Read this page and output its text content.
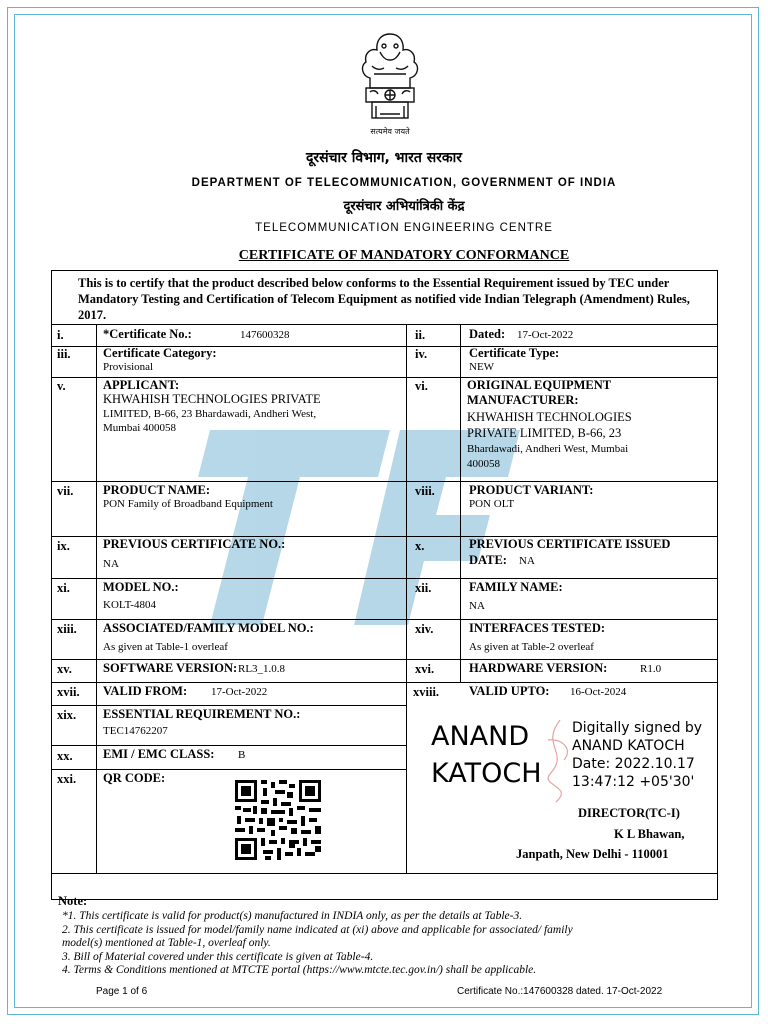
सत्यमेव जयते
दूरसंचार विभाग, भारत सरकार
DEPARTMENT OF TELECOMMUNICATION, GOVERNMENT OF INDIA
दूरसंचार अभियांत्रिकी केंद्र
TELECOMMUNICATION ENGINEERING CENTRE
CERTIFICATE OF MANDATORY CONFORMANCE
This is to certify that the product described below conforms to the Essential Requirement issued by TEC under Mandatory Testing and Certification of Telecom Equipment as notified vide Indian Telegraph (Amendment) Rules, 2017.
i.	*Certificate No.:	147600328	ii.	Dated: 17-Oct-2022
iii.	Certificate Category:
Provisional
iv.	Certificate Type:
NEW
v.	APPLICANT:
KHWAHISH TECHNOLOGIES PRIVATE
LIMITED, B-66, 23 Bhardawadi, Andheri West,
Mumbai 400058
vi.	ORIGINAL EQUIPMENT
MANUFACTURER:
KHWAHISH TECHNOLOGIES
PRIVATE LIMITED, B-66, 23
Bhardawadi, Andheri West, Mumbai
400058
vii. PRODUCT NAME:
PON Family of Broadband Equipment
viii.	PRODUCT VARIANT:
PON OLT
ix.	PREVIOUS CERTIFICATE NO.:
NA
x.	PREVIOUS CERTIFICATE ISSUED
DATE: NA
xi.	MODEL NO.:
KOLT-4804
xii.	FAMILY NAME:
NA
xiii. ASSOCIATED/FAMILY MODEL NO.:
As given at Table-1 overleaf
xiv.	INTERFACES TESTED:
As given at Table-2 overleaf
xv. SOFTWARE VERSION: RL3_1.0.8	xvi.	HARDWARE VERSION:	R1.0
xvii. VALID FROM: 17-Oct-2022	xviii. VALID UPTO: 16-Oct-2024
xix. ESSENTIAL REQUIREMENT NO.:
TEC14762207
xx. EMI / EMC CLASS: B
xxi. QR CODE:
ANAND
KATOCH
Digitally signed by
ANAND KATOCH
Date: 2022.10.17
13:47:12 +05'30'
DIRECTOR(TC-I)
K L Bhawan,
Janpath, New Delhi - 110001
Note:
*1. This certificate is valid for product(s) manufactured in INDIA only, as per the details at Table-3.
2. This certificate is issued for model/family name indicated at (xi) above and applicable for associated/ family
model(s) mentioned at Table-1, overleaf only.
3. Bill of Material covered under this certificate is given at Table-4.
4. Terms & Conditions mentioned at MTCTE portal (https://www.mtcte.tec.gov.in/) shall be applicable.
Page 1 of 6	Certificate No.:147600328 dated. 17-Oct-2022
